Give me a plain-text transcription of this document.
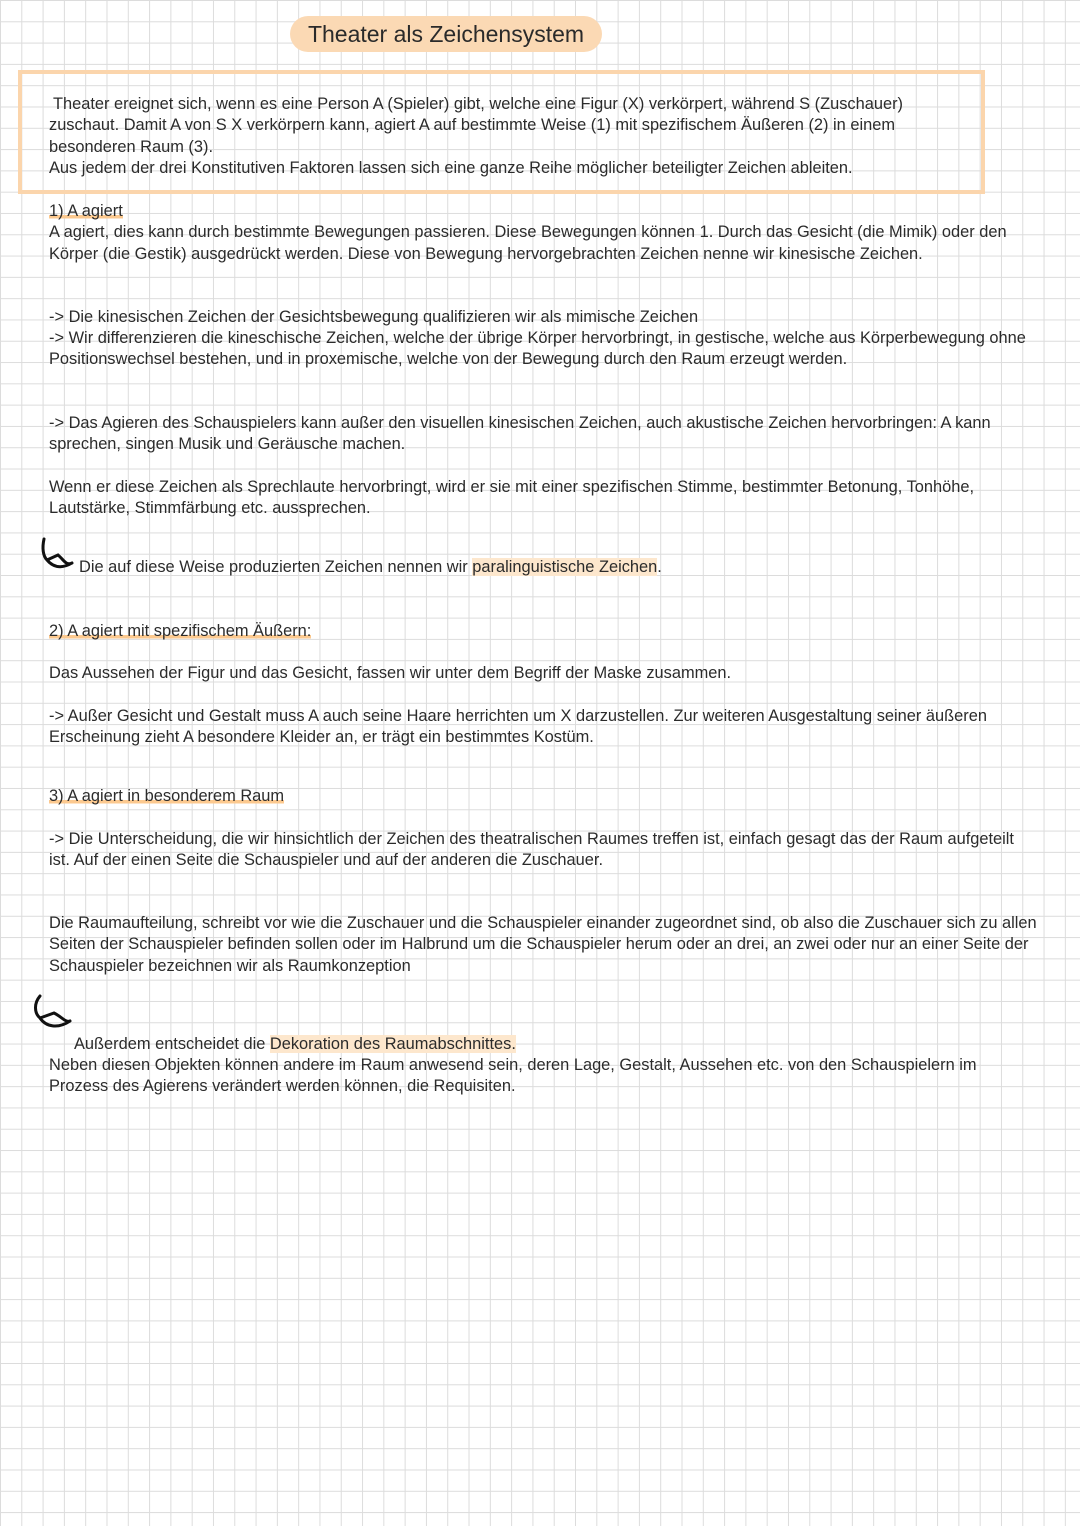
Theater als Zeichensystem
Theater ereignet sich, wenn es eine Person A (Spieler) gibt, welche eine Figur (X) verkörpert, während S (Zuschauer)
zuschaut. Damit A von S X verkörpern kann, agiert A auf bestimmte Weise (1) mit spezifischem Äußeren (2) in einem
besonderen Raum (3).
Aus jedem der drei Konstitutiven Faktoren lassen sich eine ganze Reihe möglicher beteiligter Zeichen ableiten.

1) A agiert

A agiert, dies kann durch bestimmte Bewegungen passieren. Diese Bewegungen können 1. Durch das Gesicht (die Mimik) oder den Körper (die Gestik) ausgedrückt werden. Diese von Bewegung hervorgebrachten Zeichen nenne wir kinesische Zeichen.

-> Die kinesischen Zeichen der Gesichtsbewegung qualifizieren wir als mimische Zeichen
-> Wir differenzieren die kineschische Zeichen, welche der übrige Körper hervorbringt, in gestische, welche aus Körperbewegung ohne Positionswechsel bestehen, und in proxemische, welche von der Bewegung durch den Raum erzeugt werden.
-> Das Agieren des Schauspielers kann außer den visuellen kinesischen Zeichen, auch akustische Zeichen hervorbringen: A kann sprechen, singen Musik und Geräusche machen.
Wenn er diese Zeichen als Sprechlaute hervorbringt, wird er sie mit einer spezifischen Stimme, bestimmter Betonung, Tonhöhe, Lautstärke, Stimmfärbung etc. aussprechen.
Die auf diese Weise produzierten Zeichen nennen wir paralinguistische Zeichen.
2) A agiert mit spezifischem Äußern:
Das Aussehen der Figur und das Gesicht, fassen wir unter dem Begriff der Maske zusammen.
-> Außer Gesicht und Gestalt muss A auch seine Haare herrichten um X darzustellen. Zur weiteren Ausgestaltung seiner äußeren Erscheinung zieht A besondere Kleider an, er trägt ein bestimmtes Kostüm.
3) A agiert in besonderem Raum
-> Die Unterscheidung, die wir hinsichtlich der Zeichen des theatralischen Raumes treffen ist, einfach gesagt das der Raum aufgeteilt ist. Auf der einen Seite die Schauspieler und auf der anderen die Zuschauer.
Die Raumaufteilung, schreibt vor wie die Zuschauer und die Schauspieler einander zugeordnet sind, ob also die Zuschauer sich zu allen Seiten der Schauspieler befinden sollen oder im Halbrund um die Schauspieler herum oder an drei, an zwei oder nur an einer Seite der Schauspieler bezeichnen wir als Raumkonzeption
Außerdem entscheidet die Dekoration des Raumabschnittes.
Neben diesen Objekten können andere im Raum anwesend sein, deren Lage, Gestalt, Aussehen etc. von den Schauspielern im Prozess des Agierens verändert werden können, die Requisiten.
